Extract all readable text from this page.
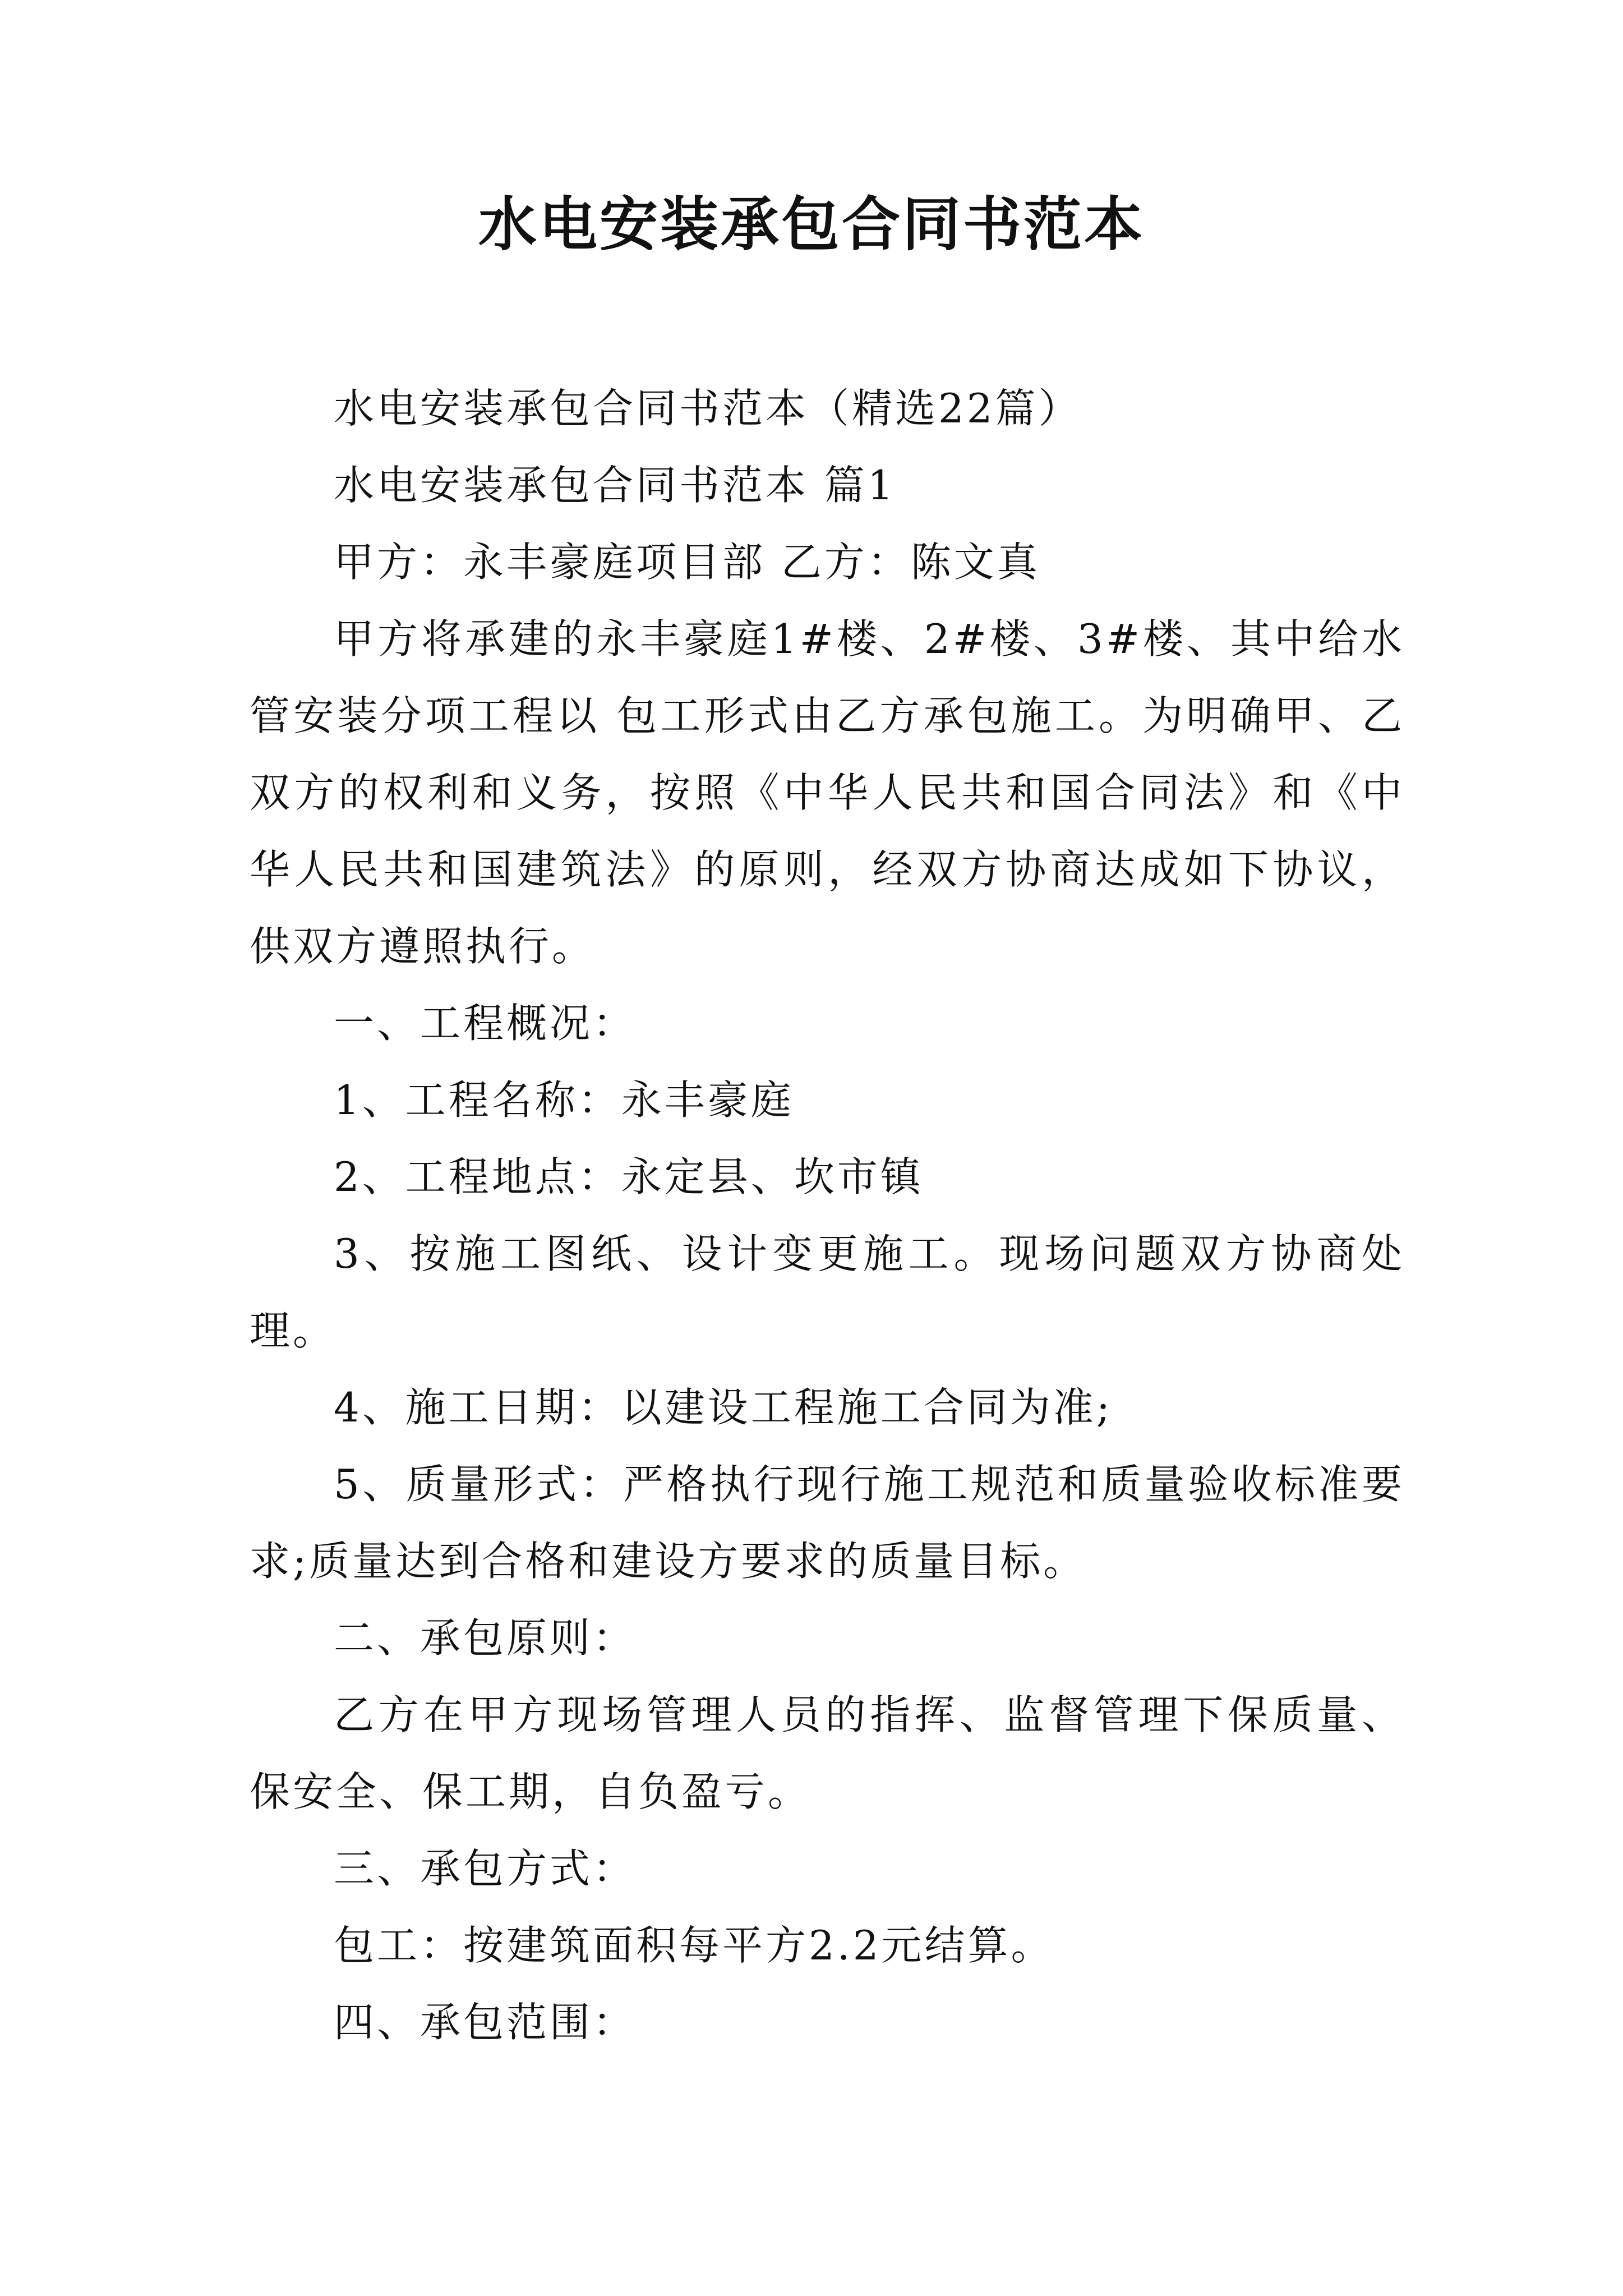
水电安装承包合同书范本

水电安装承包合同书范本（精选22篇）

水电安装承包合同书范本 篇1

甲方：永丰豪庭项目部 乙方：陈文真

甲方将承建的永丰豪庭1#楼、2#楼、3#楼、其中给水管安装分项工程以 包工形式由乙方承包施工。为明确甲、乙双方的权利和义务，按照《中华人民共和国合同法》和《中华人民共和国建筑法》的原则，经双方协商达成如下协议，供双方遵照执行。

一、工程概况：

1、工程名称：永丰豪庭

2、工程地点：永定县、坎市镇

3、按施工图纸、设计变更施工。现场问题双方协商处理。

4、施工日期：以建设工程施工合同为准;

5、质量形式：严格执行现行施工规范和质量验收标准要求;质量达到合格和建设方要求的质量目标。

二、承包原则：

乙方在甲方现场管理人员的指挥、监督管理下保质量、保安全、保工期，自负盈亏。

三、承包方式：

包工：按建筑面积每平方2.2元结算。

四、承包范围：
